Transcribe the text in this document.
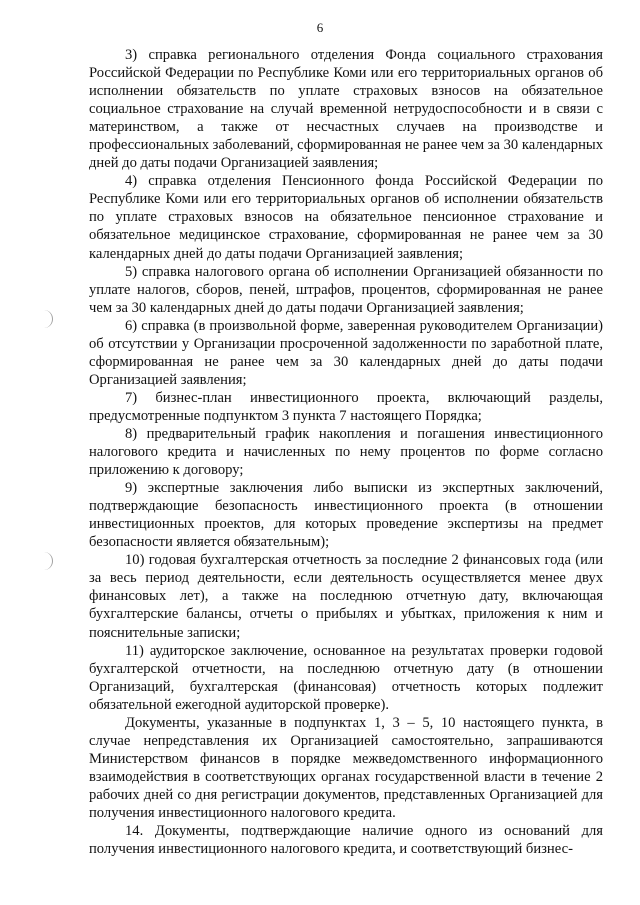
6

3) справка регионального отделения Фонда социального страхования Российской Федерации по Республике Коми или его территориальных органов об исполнении обязательств по уплате страховых взносов на обязательное социальное страхование на случай временной нетрудоспособности и в связи с материнством, а также от несчастных случаев на производстве и профессиональных заболеваний, сформированная не ранее чем за 30 календарных дней до даты подачи Организацией заявления;

4) справка отделения Пенсионного фонда Российской Федерации по Республике Коми или его территориальных органов об исполнении обязательств по уплате страховых взносов на обязательное пенсионное страхование и обязательное медицинское страхование, сформированная не ранее чем за 30 календарных дней до даты подачи Организацией заявления;

5) справка налогового органа об исполнении Организацией обязанности по уплате налогов, сборов, пеней, штрафов, процентов, сформированная не ранее чем за 30 календарных дней до даты подачи Организацией заявления;

6) справка (в произвольной форме, заверенная руководителем Организации) об отсутствии у Организации просроченной задолженности по заработной плате, сформированная не ранее чем за 30 календарных дней до даты подачи Организацией заявления;

7) бизнес-план инвестиционного проекта, включающий разделы, предусмотренные подпунктом 3 пункта 7 настоящего Порядка;

8) предварительный график накопления и погашения инвестиционного налогового кредита и начисленных по нему процентов по форме согласно приложению к договору;

9) экспертные заключения либо выписки из экспертных заключений, подтверждающие безопасность инвестиционного проекта (в отношении инвестиционных проектов, для которых проведение экспертизы на предмет безопасности является обязательным);

10) годовая бухгалтерская отчетность за последние 2 финансовых года (или за весь период деятельности, если деятельность осуществляется менее двух финансовых лет), а также на последнюю отчетную дату, включающая бухгалтерские балансы, отчеты о прибылях и убытках, приложения к ним и пояснительные записки;

11) аудиторское заключение, основанное на результатах проверки годовой бухгалтерской отчетности, на последнюю отчетную дату (в отношении Организаций, бухгалтерская (финансовая) отчетность которых подлежит обязательной ежегодной аудиторской проверке).

Документы, указанные в подпунктах 1, 3 – 5, 10 настоящего пункта, в случае непредставления их Организацией самостоятельно, запрашиваются Министерством финансов в порядке межведомственного информационного взаимодействия в соответствующих органах государственной власти в течение 2 рабочих дней со дня регистрации документов, представленных Организацией для получения инвестиционного налогового кредита.

14. Документы, подтверждающие наличие одного из оснований для получения инвестиционного налогового кредита, и соответствующий бизнес-
